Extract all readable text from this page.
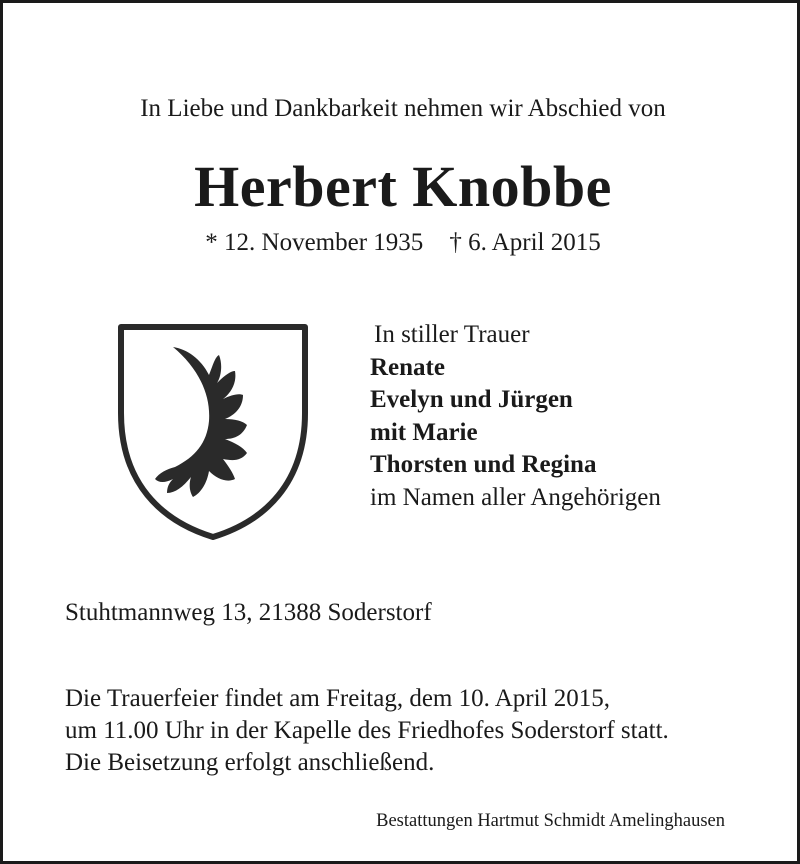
In Liebe und Dankbarkeit nehmen wir Abschied von
Herbert Knobbe
* 12. November 1935 † 6. April 2015
In stiller Trauer
Renate
Evelyn und Jürgen
mit Marie
Thorsten und Regina
im Namen aller Angehörigen
Stuhtmannweg 13, 21388 Soderstorf
Die Trauerfeier findet am Freitag, dem 10. April 2015,
um 11.00 Uhr in der Kapelle des Friedhofes Soderstorf statt.
Die Beisetzung erfolgt anschließend.
Bestattungen Hartmut Schmidt Amelinghausen
